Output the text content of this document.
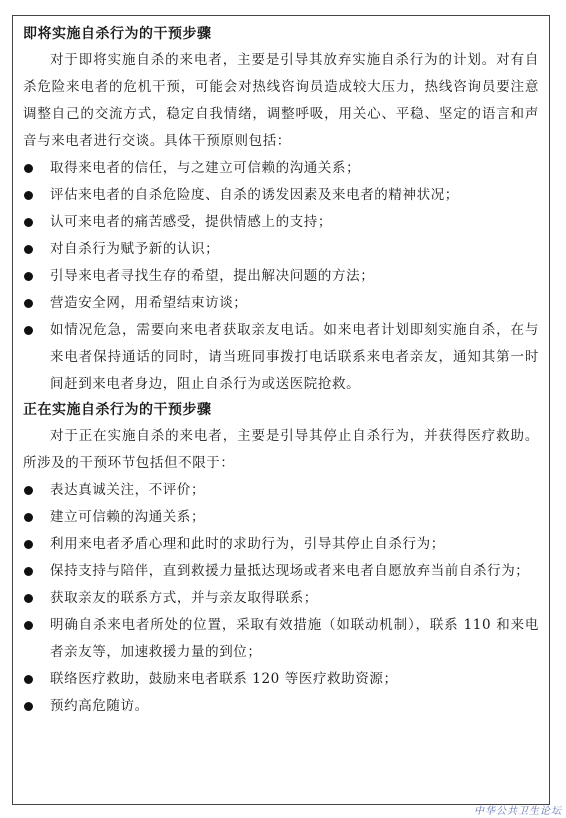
即将实施自杀行为的干预步骤

对于即将实施自杀的来电者，主要是引导其放弃实施自杀行为的计划。对有自杀危险来电者的危机干预，可能会对热线咨询员造成较大压力，热线咨询员要注意调整自己的交流方式，稳定自我情绪，调整呼吸，用关心、平稳、坚定的语言和声音与来电者进行交谈。具体干预原则包括：

取得来电者的信任，与之建立可信赖的沟通关系；
评估来电者的自杀危险度、自杀的诱发因素及来电者的精神状况；
认可来电者的痛苦感受，提供情感上的支持；
对自杀行为赋予新的认识；
引导来电者寻找生存的希望，提出解决问题的方法；
营造安全网，用希望结束访谈；
如情况危急，需要向来电者获取亲友电话。如来电者计划即刻实施自杀，在与来电者保持通话的同时，请当班同事拨打电话联系来电者亲友，通知其第一时间赶到来电者身边，阻止自杀行为或送医院抢救。
正在实施自杀行为的干预步骤

对于正在实施自杀的来电者，主要是引导其停止自杀行为，并获得医疗救助。所涉及的干预环节包括但不限于：

表达真诚关注，不评价；
建立可信赖的沟通关系；
利用来电者矛盾心理和此时的求助行为，引导其停止自杀行为；
保持支持与陪伴，直到救援力量抵达现场或者来电者自愿放弃当前自杀行为；
获取亲友的联系方式，并与亲友取得联系；
明确自杀来电者所处的位置，采取有效措施（如联动机制），联系 110 和来电者亲友等，加速救援力量的到位；
联络医疗救助，鼓励来电者联系 120 等医疗救助资源；
预约高危随访。
中华公共卫生论坛
